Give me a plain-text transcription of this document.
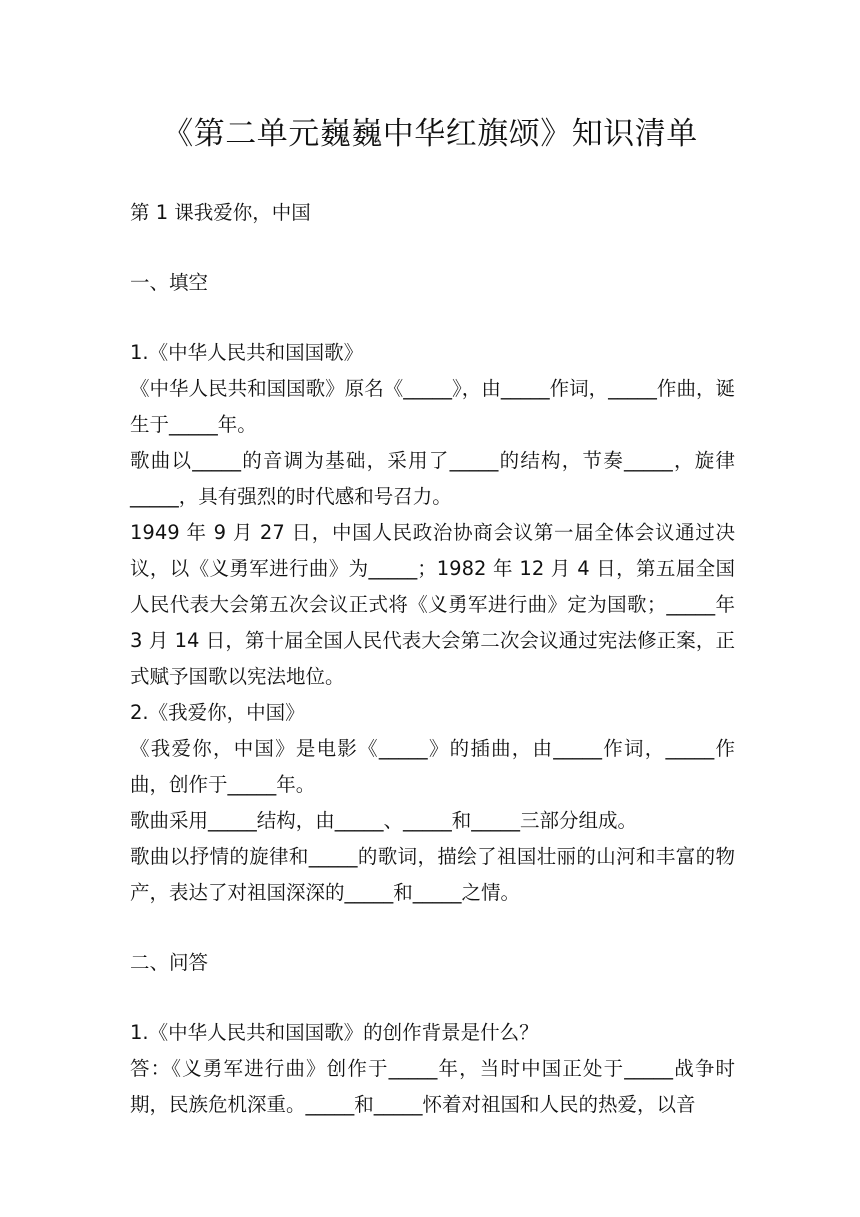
《第二单元巍巍中华红旗颂》知识清单

第 1 课我爱你，中国

一、填空

1.《中华人民共和国国歌》

《中华人民共和国国歌》原名《_____》，由_____作词，_____作曲，诞生于_____年。

歌曲以_____的音调为基础，采用了_____的结构，节奏_____，旋律_____，具有强烈的时代感和号召力。

1949 年 9 月 27 日，中国人民政治协商会议第一届全体会议通过决议，以《义勇军进行曲》为_____；1982 年 12 月 4 日，第五届全国人民代表大会第五次会议正式将《义勇军进行曲》定为国歌；_____年 3 月 14 日，第十届全国人民代表大会第二次会议通过宪法修正案，正式赋予国歌以宪法地位。

2.《我爱你，中国》

《我爱你，中国》是电影《_____》的插曲，由_____作词，_____作曲，创作于_____年。

歌曲采用_____结构，由_____、_____和_____三部分组成。

歌曲以抒情的旋律和_____的歌词，描绘了祖国壮丽的山河和丰富的物产，表达了对祖国深深的_____和_____之情。

二、问答

1.《中华人民共和国国歌》的创作背景是什么？

答：《义勇军进行曲》创作于_____年，当时中国正处于_____战争时期，民族危机深重。_____和_____怀着对祖国和人民的热爱，以音
